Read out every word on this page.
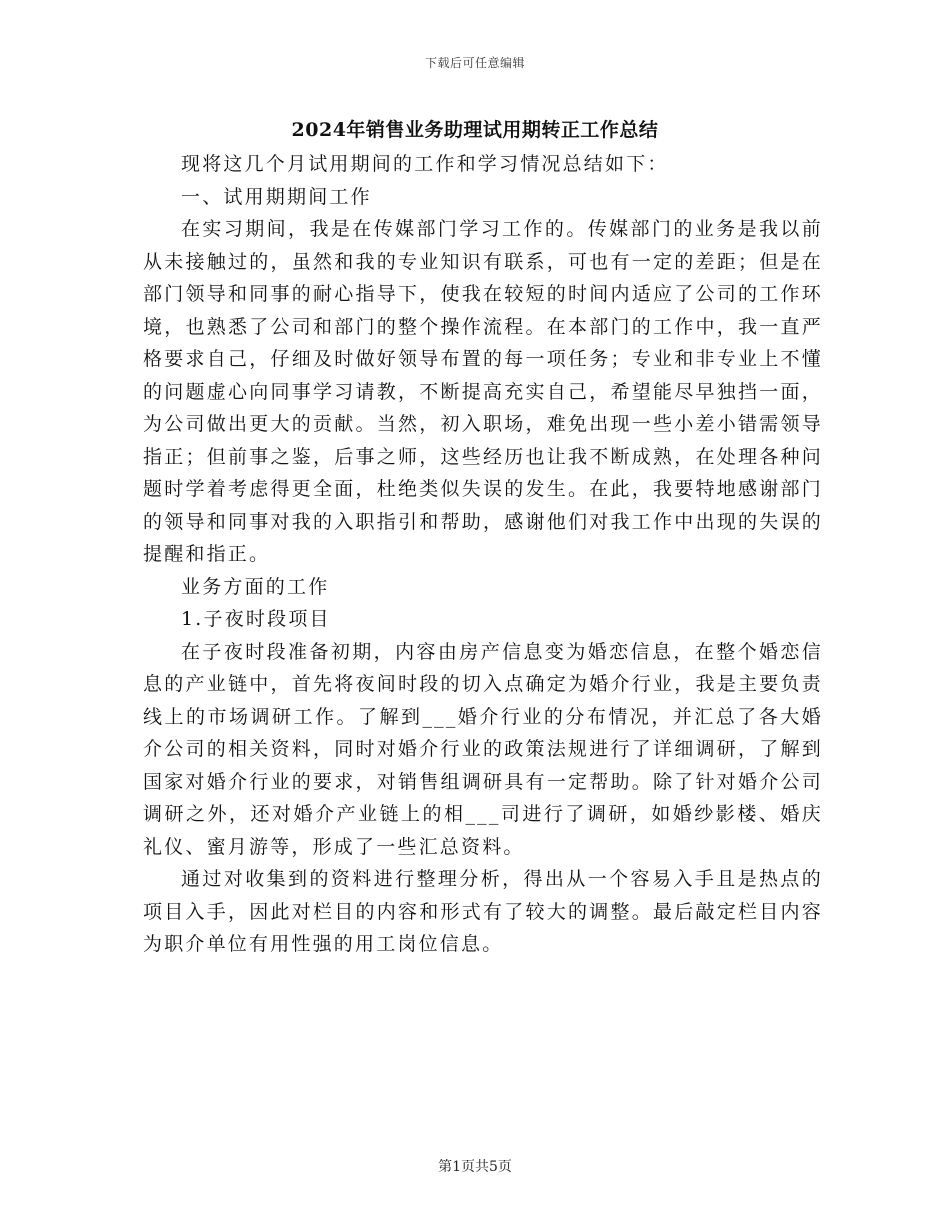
下载后可任意编辑
2024年销售业务助理试用期转正工作总结

现将这几个月试用期间的工作和学习情况总结如下：

一、试用期期间工作

在实习期间，我是在传媒部门学习工作的。传媒部门的业务是我以前从未接触过的，虽然和我的专业知识有联系，可也有一定的差距；但是在部门领导和同事的耐心指导下，使我在较短的时间内适应了公司的工作环境，也熟悉了公司和部门的整个操作流程。在本部门的工作中，我一直严格要求自己，仔细及时做好领导布置的每一项任务；专业和非专业上不懂的问题虚心向同事学习请教，不断提高充实自己，希望能尽早独挡一面，为公司做出更大的贡献。当然，初入职场，难免出现一些小差小错需领导指正；但前事之鉴，后事之师，这些经历也让我不断成熟，在处理各种问题时学着考虑得更全面，杜绝类似失误的发生。在此，我要特地感谢部门的领导和同事对我的入职指引和帮助，感谢他们对我工作中出现的失误的提醒和指正。

业务方面的工作

1.子夜时段项目

在子夜时段准备初期，内容由房产信息变为婚恋信息，在整个婚恋信息的产业链中，首先将夜间时段的切入点确定为婚介行业，我是主要负责线上的市场调研工作。了解到___婚介行业的分布情况，并汇总了各大婚介公司的相关资料，同时对婚介行业的政策法规进行了详细调研，了解到国家对婚介行业的要求，对销售组调研具有一定帮助。除了针对婚介公司调研之外，还对婚介产业链上的相___司进行了调研，如婚纱影楼、婚庆礼仪、蜜月游等，形成了一些汇总资料。

通过对收集到的资料进行整理分析，得出从一个容易入手且是热点的项目入手，因此对栏目的内容和形式有了较大的调整。最后敲定栏目内容为职介单位有用性强的用工岗位信息。

第1页共5页
